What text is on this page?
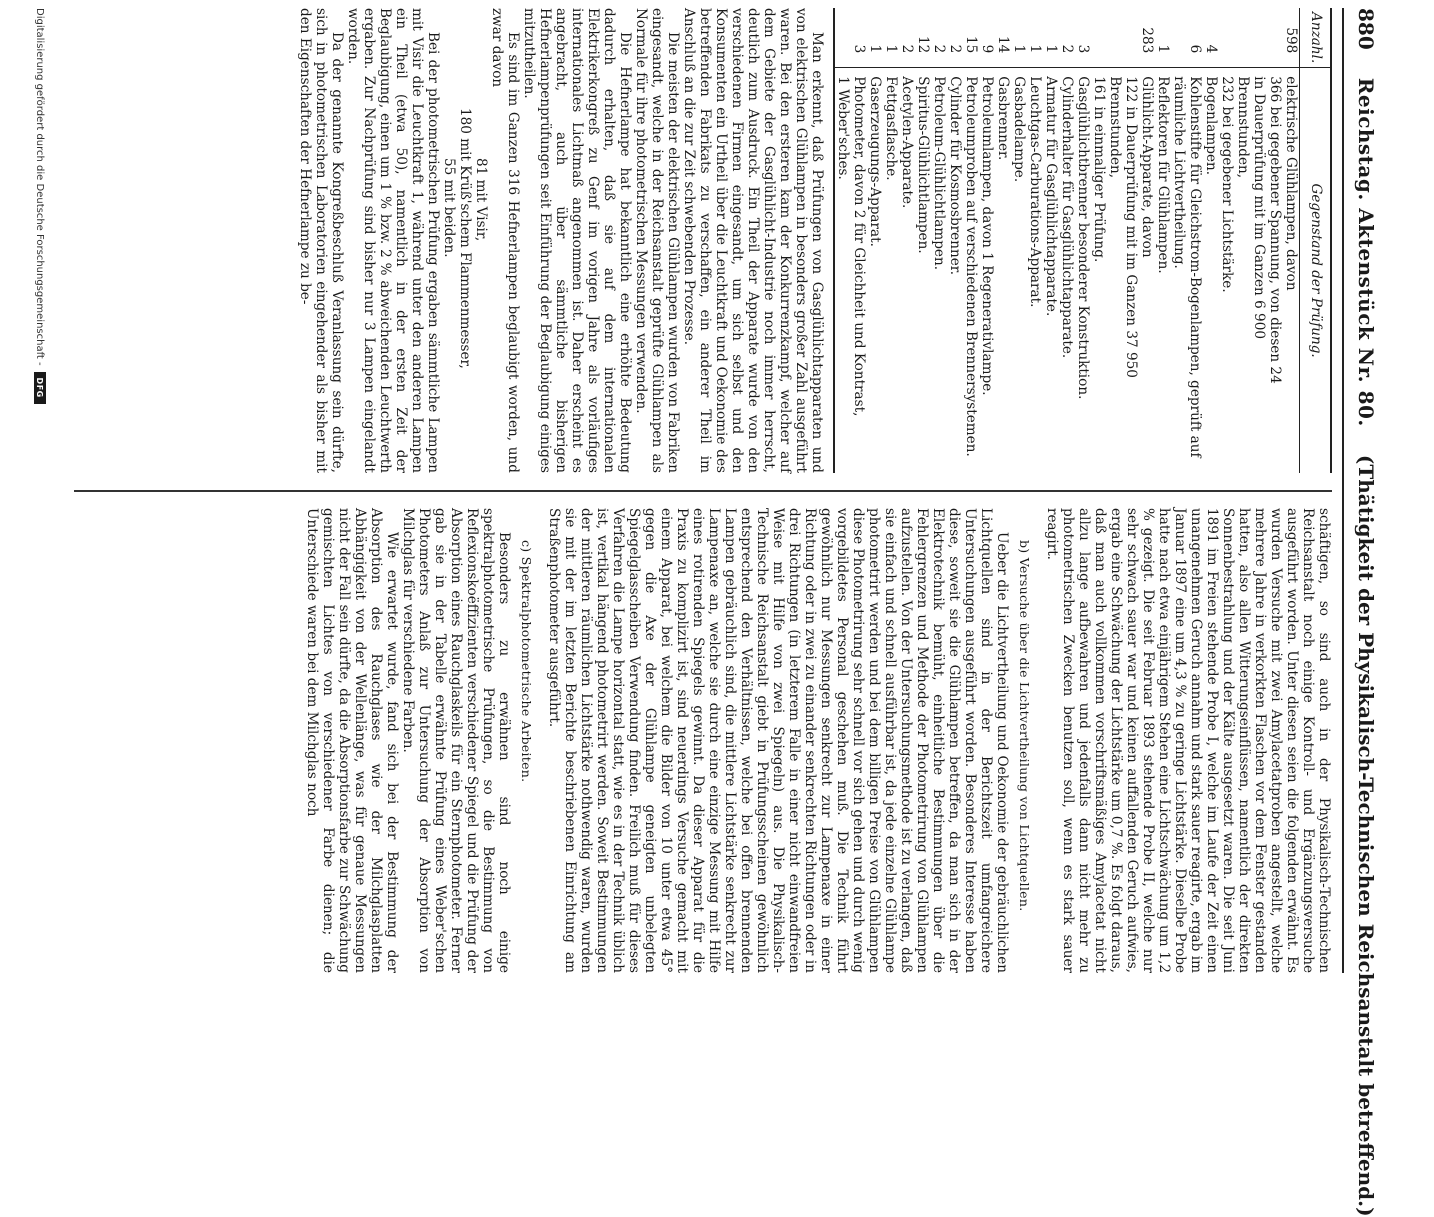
880
Reichstag. Aktenstück Nr. 80.
(Thätigkeit der Physikalisch-Technischen Reichsanstalt betreffend.)
Anzahl.	Gegenstand der Prüfung.
598	elektrische Glühlampen, davon
	366 bei gegebener Spannung, von diesen 24
	in Dauerprüfung mit im Ganzen 6 900
	Brennstunden,
	232 bei gegebener Lichtstärke.
4	Bogenlampen.
6	Kohlenstifte für Gleichstrom-Bogenlampen, geprüft auf
	räumliche Lichtvertheilung.
1	Reflektoren für Glühlampen.
283	Glühlicht-Apparate, davon
	122 in Dauerprüfung mit im Ganzen 37 950
	Brennstunden,
	161 in einmaliger Prüfung.
3	Gasglühlichtbrenner besonderer Konstruktion.
2	Cylinderhalter für Gasglühlichtapparate.
1	Armatur für Gasglühlichtapparate.
1	Leuchtgas-Carburations-Apparat.
1	Gasbadelampe.
14	Gasbrenner.
9	Petroleumlampen, davon 1 Regenerativlampe.
15	Petroleumproben auf verschiedenen Brennersystemen.
2	Cylinder für Kosmosbrenner.
2	Petroleum-Glühlichtlampen.
12	Spiritus-Glühlichtlampen.
2	Acetylen-Apparate.
1	Fettgasflasche.
1	Gaserzeugungs-Apparat.
3	Photometer, davon 2 für Gleichheit und Kontrast,
	1 Weber'sches.

Man erkennt, daß Prüfungen von Gasglühlichtapparaten und von elektrischen Glühlampen in besonders großer Zahl ausgeführt waren. Bei den ersteren kam der Konkurrenzkampf, welcher auf dem Gebiete der Gasglühlicht-Industrie noch immer herrscht, deutlich zum Ausdruck. Ein Theil der Apparate wurde von den verschiedenen Firmen eingesandt, um sich selbst und den Konsumenten ein Urtheil über die Leuchtkraft und Oekonomie des betreffenden Fabrikats zu verschaffen, ein anderer Theil im Anschluß an die zur Zeit schwebenden Prozesse.

Die meisten der elektrischen Glühlampen wurden von Fabriken eingesandt, welche in der Reichsanstalt geprüfte Glühlampen als Normale für ihre photometrischen Messungen verwenden.

Die Hefnerlampe hat bekanntlich eine erhöhte Bedeutung dadurch erhalten, daß sie auf dem internationalen Elektrikerkongreß zu Genf im vorigen Jahre als vorläufiges internationales Lichtmaß angenommen ist. Daher erscheint es angebracht, auch über sämmtliche bisherigen Hefnerlampenprüfungen seit Einführung der Beglaubigung einiges mitzutheilen.

Es sind im Ganzen 316 Hefnerlampen beglaubigt worden, und zwar davon

81 mit Visir,
180 mit Krüß'schem Flammenmesser,
55 mit beiden.

Bei der photometrischen Prüfung ergaben sämmtliche Lampen mit Visir die Leuchtkraft 1, während unter den anderen Lampen ein Theil (etwa 50), namentlich in der ersten Zeit der Beglaubigung, einen um 1 % bzw. 2 % abweichenden Leuchtwerth ergaben. Zur Nachprüfung sind bisher nur 3 Lampen eingelandt worden.

Da der genannte Kongreßbeschluß Veranlassung sein dürfte, sich in photometrischen Laboratorien eingehender als bisher mit den Eigenschaften der Hefnerlampe zu be-

schäftigen, so sind auch in der Physikalisch-Technischen Reichsanstalt noch einige Kontroll- und Ergänzungsversuche ausgeführt worden. Unter diesen seien die folgenden erwähnt. Es wurden Versuche mit zwei Amylacetatproben angestellt, welche mehrere Jahre in verkorkten Flaschen vor dem Fenster gestanden hatten, also allen Witterungseinflüssen, namentlich der direkten Sonnenbestrahlung und der Kälte ausgesetzt waren. Die seit Juni 1891 im Freien stehende Probe I, welche im Laufe der Zeit einen unangenehmen Geruch annahm und stark sauer reagirte, ergab im Januar 1897 eine um 4,3 % zu geringe Lichtstärke. Dieselbe Probe hatte nach etwa einjährigem Stehen eine Lichtschwächung um 1,2 % gezeigt. Die seit Februar 1893 stehende Probe II, welche nur sehr schwach sauer war und keinen auffallenden Geruch aufwies, ergab eine Schwächung der Lichtstärke um 0,7 %. Es folgt daraus, daß man auch vollkommen vorschriftsmäßiges Amylacetat nicht allzu lange aufbewahren und jedenfalls dann nicht mehr zu photometrischen Zwecken benutzen soll, wenn es stark sauer reagirt.

b) Versuche über die Lichtvertheilung von Lichtquellen.

Ueber die Lichtvertheilung und Oekonomie der gebräuchlichen Lichtquellen sind in der Berichtszeit umfangreichere Untersuchungen ausgeführt worden. Besonderes Interesse haben diese, soweit sie die Glühlampen betreffen, da man sich in der Elektrotechnik bemüht, einheitliche Bestimmungen über die Fehlergrenzen und Methode der Photometrirung von Glühlampen aufzustellen. Von der Untersuchungsmethode ist zu verlangen, daß sie einfach und schnell ausführbar ist, da jede einzelne Glühlampe photometrirt werden und bei dem billigen Preise von Glühlampen diese Photometrirung sehr schnell vor sich gehen und durch wenig vorgebildetes Personal geschehen muß. Die Technik führt gewöhnlich nur Messungen senkrecht zur Lampenaxe in einer Richtung oder in zwei zu einander senkrechten Richtungen oder in drei Richtungen (in letzterem Falle in einer nicht einwandfreien Weise mit Hilfe von zwei Spiegeln) aus. Die Physikalisch-Technische Reichsanstalt giebt in Prüfungsscheinen gewöhnlich entsprechend den Verhältnissen, welche bei offen brennenden Lampen gebräuchlich sind, die mittlere Lichtstärke senkrecht zur Lampenaxe an, welche sie durch eine einzige Messung mit Hilfe eines rotirenden Spiegels gewinnt. Da dieser Apparat für die Praxis zu komplizirt ist, sind neuerdings Versuche gemacht mit einem Apparat, bei welchem die Bilder von 10 unter etwa 45° gegen die Axe der Glühlampe geneigten unbelegten Spiegelglasscheiben Verwendung finden. Freilich muß für dieses Verfahren die Lampe horizontal statt, wie es in der Technik üblich ist, vertikal hängend photometrirt werden. Soweit Bestimmungen der mittleren räumlichen Lichtstärke nothwendig waren, wurden sie mit der im letzten Berichte beschriebenen Einrichtung am Straßenphotometer ausgeführt.

c) Spektralphotometrische Arbeiten.

Besonders zu erwähnen sind noch einige spektralphotometrische Prüfungen, so die Bestimmung von Reflexionskoëffizienten verschiedener Spiegel und die Prüfung der Absorption eines Rauchglaskeils für ein Sternphotometer. Ferner gab sie in der Tabelle erwähnte Prüfung eines Weber'schen Photometers Anlaß zur Untersuchung der Absorption von Milchglas für verschiedene Farben.

Wie erwartet wurde, fand sich bei der Bestimmung der Absorption des Rauchglases wie der Milchglasplatten Abhängigkeit von der Wellenlänge, was für genaue Messungen nicht der Fall sein dürfte, da die Absorptionsfarbe zur Schwächung gemischten Lichtes von verschiedener Farbe dienen; die Unterschiede waren bei dem Milchglas noch

Digitalisierung gefördert durch die Deutsche Forschungsgemeinschaft -
DFG
